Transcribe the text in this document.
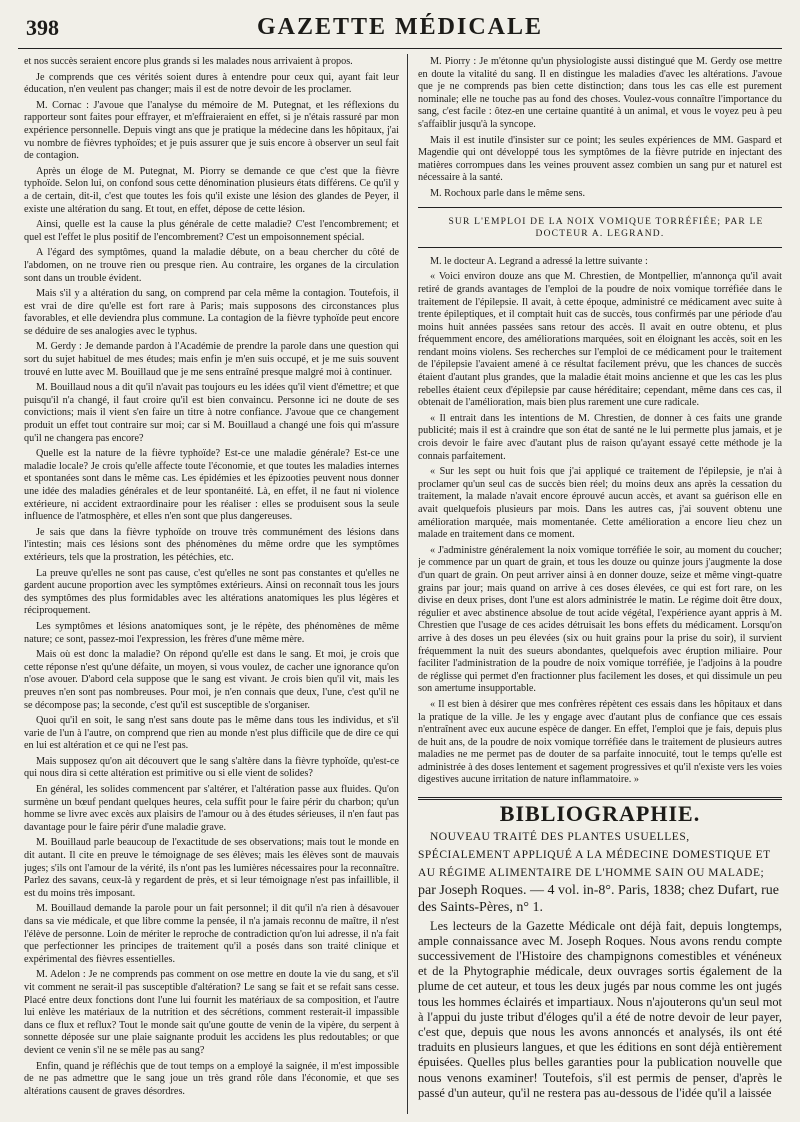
398	GAZETTE MÉDICALE

et nos succès seraient encore plus grands si les malades nous arrivaient à propos.

Je comprends que ces vérités soient dures à entendre pour ceux qui, ayant fait leur éducation, n'en veulent pas changer; mais il est de notre devoir de les proclamer.

M. Cornac : J'avoue que l'analyse du mémoire de M. Putegnat, et les réflexions du rapporteur sont faites pour effrayer, et m'effraieraient en effet, si je n'étais rassuré par mon expérience personnelle. Depuis vingt ans que je pratique la médecine dans les hôpitaux, j'ai vu nombre de fièvres typhoïdes; et je puis assurer que je suis encore à observer un seul fait de contagion.

Après un éloge de M. Putegnat, M. Piorry se demande ce que c'est que la fièvre typhoïde. Selon lui, on confond sous cette dénomination plusieurs états différens. Ce qu'il y a de certain, dit-il, c'est que toutes les fois qu'il existe une lésion des glandes de Peyer, il existe une altération du sang. Et tout, en effet, dépose de cette lésion.

Ainsi, quelle est la cause la plus générale de cette maladie? C'est l'encombrement; et quel est l'effet le plus positif de l'encombrement? C'est un empoisonnement spécial.

A l'égard des symptômes, quand la maladie débute, on a beau chercher du côté de l'abdomen, on ne trouve rien ou presque rien. Au contraire, les organes de la circulation sont dans un trouble évident.

Mais s'il y a altération du sang, on comprend par cela même la contagion. Toutefois, il est vrai de dire qu'elle est fort rare à Paris; mais supposons des circonstances plus favorables, et elle deviendra plus commune. La contagion de la fièvre typhoïde peut encore se déduire de ses analogies avec le typhus.

M. Gerdy : Je demande pardon à l'Académie de prendre la parole dans une question qui sort du sujet habituel de mes études; mais enfin je m'en suis occupé, et je me suis souvent trouvé en lutte avec M. Bouillaud que je me sens entraîné presque malgré moi à continuer.

M. Bouillaud nous a dit qu'il n'avait pas toujours eu les idées qu'il vient d'émettre; et que puisqu'il n'a changé, il faut croire qu'il est bien convaincu. Personne ici ne doute de ses convictions; mais il vient s'en faire un titre à notre confiance. J'avoue que ce changement produit un effet tout contraire sur moi; car si M. Bouillaud a changé une fois qui m'assure qu'il ne changera pas encore?

Quelle est la nature de la fièvre typhoïde? Est-ce une maladie générale? Est-ce une maladie locale? Je crois qu'elle affecte toute l'économie, et que toutes les maladies internes et spontanées sont dans le même cas. Les épidémies et les épizooties peuvent nous donner une idée des maladies générales et de leur spontanéité. Là, en effet, il ne faut ni violence extérieure, ni accident extraordinaire pour les réaliser : elles se produisent sous la seule influence de l'atmosphère, et elles n'en sont que plus dangereuses.

Je sais que dans la fièvre typhoïde on trouve très communément des lésions dans l'intestin; mais ces lésions sont des phénomènes du même ordre que les symptômes extérieurs, tels que la prostration, les pétéchies, etc.

La preuve qu'elles ne sont pas cause, c'est qu'elles ne sont pas constantes et qu'elles ne gardent aucune proportion avec les symptômes extérieurs. Ainsi on reconnaît tous les jours des symptômes des plus formidables avec les altérations anatomiques les plus légères et réciproquement.

Les symptômes et lésions anatomiques sont, je le répète, des phénomènes de même nature; ce sont, passez-moi l'expression, les frères d'une même mère.

Mais où est donc la maladie? On répond qu'elle est dans le sang. Et moi, je crois que cette réponse n'est qu'une défaite, un moyen, si vous voulez, de cacher une ignorance qu'on n'ose avouer. D'abord cela suppose que le sang est vivant. Je crois bien qu'il vit, mais les preuves n'en sont pas nombreuses. Pour moi, je n'en connais que deux, l'une, c'est qu'il ne se décompose pas; la seconde, c'est qu'il est susceptible de s'organiser.

Quoi qu'il en soit, le sang n'est sans doute pas le même dans tous les individus, et s'il varie de l'un à l'autre, on comprend que rien au monde n'est plus difficile que de dire ce qui en lui est altération et ce qui ne l'est pas.

Mais supposez qu'on ait découvert que le sang s'altère dans la fièvre typhoïde, qu'est-ce qui nous dira si cette altération est primitive ou si elle vient de solides?

En général, les solides commencent par s'altérer, et l'altération passe aux fluides. Qu'on surmène un bœuf pendant quelques heures, cela suffit pour le faire périr du charbon; qu'un homme se livre avec excès aux plaisirs de l'amour ou à des études sérieuses, il n'en faut pas davantage pour le faire périr d'une maladie grave.

M. Bouillaud parle beaucoup de l'exactitude de ses observations; mais tout le monde en dit autant. Il cite en preuve le témoignage de ses élèves; mais les élèves sont de mauvais juges; s'ils ont l'amour de la vérité, ils n'ont pas les lumières nécessaires pour la reconnaître. Parlez des savans, ceux-là y regardent de près, et si leur témoignage n'est pas infaillible, il est du moins très imposant.

M. Bouillaud demande la parole pour un fait personnel; il dit qu'il n'a rien à désavouer dans sa vie médicale, et que libre comme la pensée, il n'a jamais reconnu de maître, il n'est l'élève de personne. Loin de mériter le reproche de contradiction qu'on lui adresse, il n'a fait que perfectionner les principes de traitement qu'il a posés dans son traité clinique et expérimental des fièvres essentielles.

M. Adelon : Je ne comprends pas comment on ose mettre en doute la vie du sang, et s'il vit comment ne serait-il pas susceptible d'altération? Le sang se fait et se refait sans cesse. Placé entre deux fonctions dont l'une lui fournit les matériaux de sa composition, et l'autre lui enlève les matériaux de la nutrition et des sécrétions, comment resterait-il impassible dans ce flux et reflux? Tout le monde sait qu'une goutte de venin de la vipère, du serpent à sonnette déposée sur une plaie saignante produit les accidens les plus redoutables; or que devient ce venin s'il ne se mêle pas au sang?

Enfin, quand je réfléchis que de tout temps on a employé la saignée, il m'est impossible de ne pas admettre que le sang joue un très grand rôle dans l'économie, et que ses altérations causent de graves désordres.

M. Piorry : Je m'étonne qu'un physiologiste aussi distingué que M. Gerdy ose mettre en doute la vitalité du sang. Il en distingue les maladies d'avec les altérations. J'avoue que je ne comprends pas bien cette distinction; dans tous les cas elle est purement nominale; elle ne touche pas au fond des choses. Voulez-vous connaître l'importance du sang, c'est facile : ôtez-en une certaine quantité à un animal, et vous le voyez peu à peu s'affaiblir jusqu'à la syncope.

Mais il est inutile d'insister sur ce point; les seules expériences de MM. Gaspard et Magendie qui ont développé tous les symptômes de la fièvre putride en injectant des matières corrompues dans les veines prouvent assez combien un sang pur et naturel est nécessaire à la santé.

M. Rochoux parle dans le même sens.

SUR L'EMPLOI DE LA NOIX VOMIQUE TORRÉFIÉE; PAR LE DOCTEUR A. LEGRAND.

M. le docteur A. Legrand a adressé la lettre suivante :

« Voici environ douze ans que M. Chrestien, de Montpellier, m'annonça qu'il avait retiré de grands avantages de l'emploi de la poudre de noix vomique torréfiée dans le traitement de l'épilepsie. Il avait, à cette époque, administré ce médicament avec suite à trente épileptiques, et il comptait huit cas de succès, tous confirmés par une période d'au moins huit années passées sans retour des accès. Il avait en outre obtenu, et plus fréquemment encore, des améliorations marquées, soit en éloignant les accès, soit en les rendant moins violens. Ses recherches sur l'emploi de ce médicament pour le traitement de l'épilepsie l'avaient amené à ce résultat facilement prévu, que les chances de succès étaient d'autant plus grandes, que la maladie était moins ancienne et que les cas les plus rebelles étaient ceux d'épilepsie par cause héréditaire; cependant, même dans ces cas, il obtenait de l'amélioration, mais bien plus rarement une cure radicale.

« Il entrait dans les intentions de M. Chrestien, de donner à ces faits une grande publicité; mais il est à craindre que son état de santé ne le lui permette plus jamais, et je crois devoir le faire avec d'autant plus de raison qu'ayant essayé cette méthode je la connais parfaitement.

« Sur les sept ou huit fois que j'ai appliqué ce traitement de l'épilepsie, je n'ai à proclamer qu'un seul cas de succès bien réel; du moins deux ans après la cessation du traitement, la malade n'avait encore éprouvé aucun accès, et avant sa guérison elle en avait quelquefois plusieurs par mois. Dans les autres cas, j'ai souvent obtenu une amélioration marquée, mais momentanée. Cette amélioration a encore lieu chez un malade en traitement dans ce moment.

« J'administre généralement la noix vomique torréfiée le soir, au moment du coucher; je commence par un quart de grain, et tous les douze ou quinze jours j'augmente la dose d'un quart de grain. On peut arriver ainsi à en donner douze, seize et même vingt-quatre grains par jour; mais quand on arrive à ces doses élevées, ce qui est fort rare, on les divise en deux prises, dont l'une est alors administrée le matin. Le régime doit être doux, régulier et avec abstinence absolue de tout acide végétal, l'expérience ayant appris à M. Chrestien que l'usage de ces acides détruisait les bons effets du médicament. Lorsqu'on arrive à des doses un peu élevées (six ou huit grains pour la prise du soir), il survient fréquemment la nuit des sueurs abondantes, quelquefois avec éruption miliaire. Pour faciliter l'administration de la poudre de noix vomique torréfiée, je l'adjoins à la poudre de réglisse qui permet d'en fractionner plus facilement les doses, et qui dissimule un peu son amertume insupportable.

« Il est bien à désirer que mes confrères répètent ces essais dans les hôpitaux et dans la pratique de la ville. Je les y engage avec d'autant plus de confiance que ces essais n'entraînent avec eux aucune espèce de danger. En effet, l'emploi que je fais, depuis plus de huit ans, de la poudre de noix vomique torréfiée dans le traitement de plusieurs autres maladies ne me permet pas de douter de sa parfaite innocuité, tout le temps qu'elle est administrée à des doses lentement et sagement progressives et qu'il n'existe vers les voies digestives aucune irritation de nature inflammatoire. »

BIBLIOGRAPHIE.

NOUVEAU TRAITÉ DES PLANTES USUELLES, SPÉCIALEMENT APPLIQUÉ A LA MÉDECINE DOMESTIQUE ET AU RÉGIME ALIMENTAIRE DE L'HOMME SAIN OU MALADE; par Joseph Roques. — 4 vol. in-8°. Paris, 1838; chez Dufart, rue des Saints-Pères, n° 1.

Les lecteurs de la Gazette Médicale ont déjà fait, depuis longtemps, ample connaissance avec M. Joseph Roques. Nous avons rendu compte successivement de l'Histoire des champignons comestibles et vénéneux et de la Phytographie médicale, deux ouvrages sortis également de la plume de cet auteur, et tous les deux jugés par nous comme les ont jugés tous les hommes éclairés et impartiaux. Nous n'ajouterons qu'un seul mot à l'appui du juste tribut d'éloges qu'il a été de notre devoir de leur payer, c'est que, depuis que nous les avons annoncés et analysés, ils ont été traduits en plusieurs langues, et que les éditions en sont déjà entièrement épuisées. Quelles plus belles garanties pour la publication nouvelle que nous venons examiner! Toutefois, s'il est permis de penser, d'après le passé d'un auteur, qu'il ne restera pas au-dessous de l'idée qu'il a laissée
